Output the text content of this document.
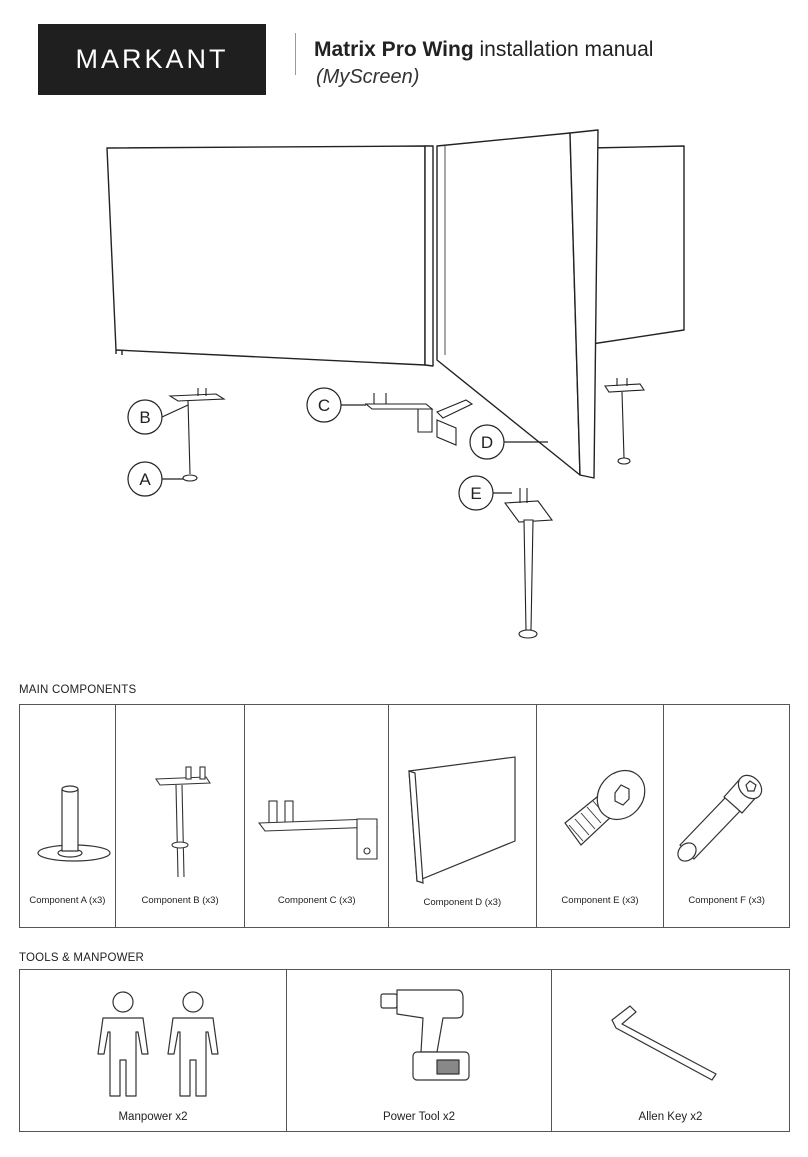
MARKANT	Matrix Pro Wing installation manual
(MyScreen)
B
A
C
D
E
MAIN COMPONENTS
Component A (x3)	Component B (x3)	Component C (x3)	Component D (x3)	Component E (x3)	Component F (x3)
TOOLS & MANPOWER
Manpower x2	Power Tool x2	Allen Key x2
